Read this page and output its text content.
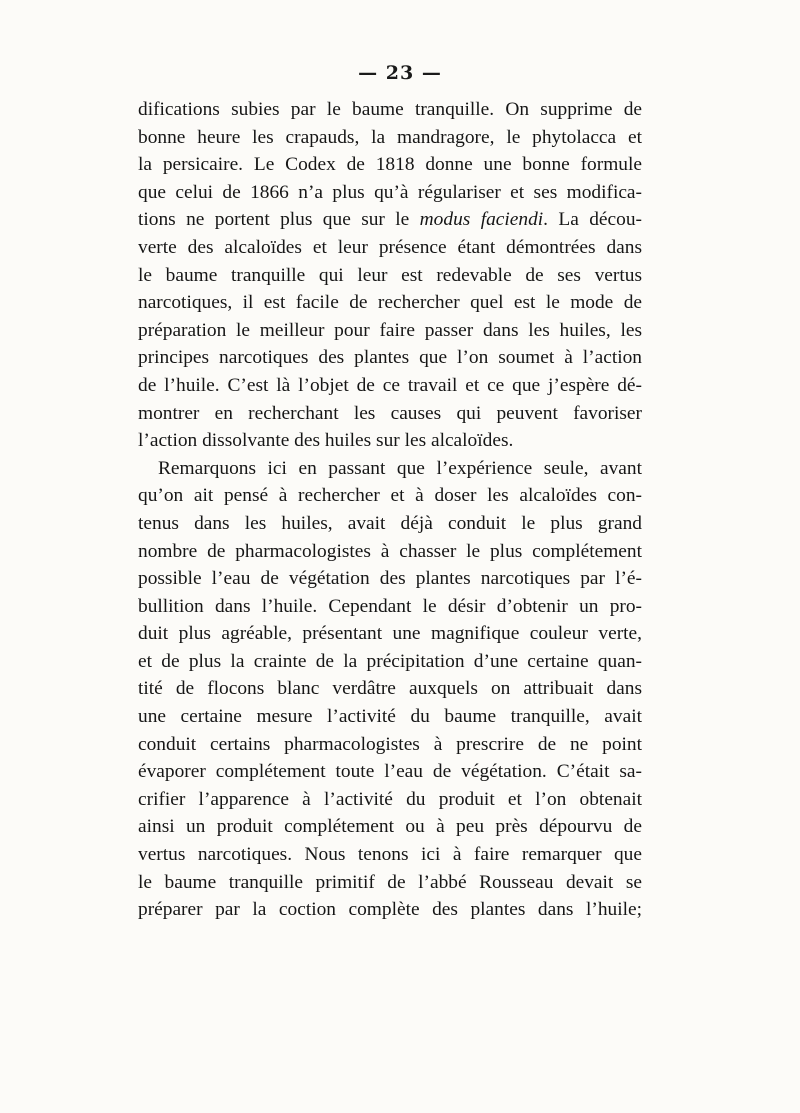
— 23 —
difications subies par le baume tranquille. On supprime de
bonne heure les crapauds, la mandragore, le phytolacca et
la persicaire. Le Codex de 1818 donne une bonne formule
que celui de 1866 n’a plus qu’à régulariser et ses modifica-
tions ne portent plus que sur le modus faciendi. La décou-
verte des alcaloïdes et leur présence étant démontrées dans
le baume tranquille qui leur est redevable de ses vertus
narcotiques, il est facile de rechercher quel est le mode de
préparation le meilleur pour faire passer dans les huiles, les
principes narcotiques des plantes que l’on soumet à l’action
de l’huile. C’est là l’objet de ce travail et ce que j’espère dé-
montrer en recherchant les causes qui peuvent favoriser
l’action dissolvante des huiles sur les alcaloïdes.
Remarquons ici en passant que l’expérience seule, avant
qu’on ait pensé à rechercher et à doser les alcaloïdes con-
tenus dans les huiles, avait déjà conduit le plus grand
nombre de pharmacologistes à chasser le plus complétement
possible l’eau de végétation des plantes narcotiques par l’é-
bullition dans l’huile. Cependant le désir d’obtenir un pro-
duit plus agréable, présentant une magnifique couleur verte,
et de plus la crainte de la précipitation d’une certaine quan-
tité de flocons blanc verdâtre auxquels on attribuait dans
une certaine mesure l’activité du baume tranquille, avait
conduit certains pharmacologistes à prescrire de ne point
évaporer complétement toute l’eau de végétation. C’était sa-
crifier l’apparence à l’activité du produit et l’on obtenait
ainsi un produit complétement ou à peu près dépourvu de
vertus narcotiques. Nous tenons ici à faire remarquer que
le baume tranquille primitif de l’abbé Rousseau devait se
préparer par la coction complète des plantes dans l’huile;
